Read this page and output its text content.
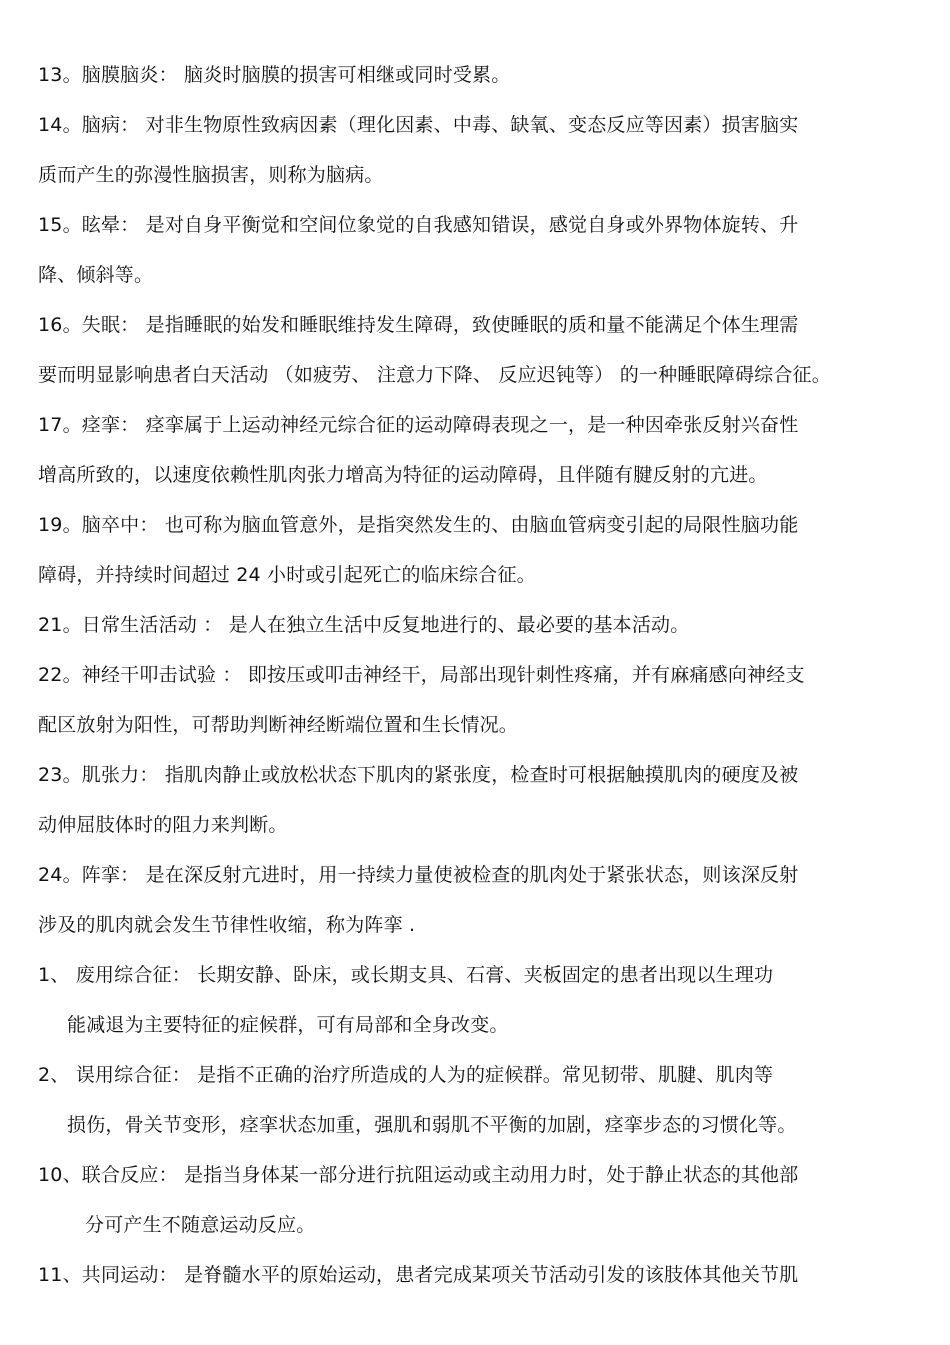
13。脑膜脑炎： 脑炎时脑膜的损害可相继或同时受累。
14。脑病： 对非生物原性致病因素（理化因素、中毒、缺氧、变态反应等因素）损害脑实
质而产生的弥漫性脑损害，则称为脑病。
15。眩晕： 是对自身平衡觉和空间位象觉的自我感知错误，感觉自身或外界物体旋转、升
降、倾斜等。
16。失眠： 是指睡眠的始发和睡眠维持发生障碍，致使睡眠的质和量不能满足个体生理需
要而明显影响患者白天活动 （如疲劳、 注意力下降、 反应迟钝等） 的一种睡眠障碍综合征。
17。痉挛： 痉挛属于上运动神经元综合征的运动障碍表现之一，是一种因牵张反射兴奋性
增高所致的，以速度依赖性肌肉张力增高为特征的运动障碍，且伴随有腱反射的亢进。
19。脑卒中： 也可称为脑血管意外，是指突然发生的、由脑血管病变引起的局限性脑功能
障碍，并持续时间超过 24 小时或引起死亡的临床综合征。
21。日常生活活动 ： 是人在独立生活中反复地进行的、最必要的基本活动。
22。神经干叩击试验 ： 即按压或叩击神经干，局部出现针刺性疼痛，并有麻痛感向神经支
配区放射为阳性，可帮助判断神经断端位置和生长情况。
23。肌张力： 指肌肉静止或放松状态下肌肉的紧张度，检查时可根据触摸肌肉的硬度及被
动伸屈肢体时的阻力来判断。
24。阵挛： 是在深反射亢进时，用一持续力量使被检查的肌肉处于紧张状态，则该深反射
涉及的肌肉就会发生节律性收缩，称为阵挛 .
1、 废用综合征： 长期安静、卧床，或长期支具、石膏、夹板固定的患者出现以生理功
能减退为主要特征的症候群，可有局部和全身改变。
2、 误用综合征： 是指不正确的治疗所造成的人为的症候群。常见韧带、肌腱、肌肉等
损伤，骨关节变形，痉挛状态加重，强肌和弱肌不平衡的加剧，痉挛步态的习惯化等。
10、联合反应： 是指当身体某一部分进行抗阻运动或主动用力时，处于静止状态的其他部
分可产生不随意运动反应。
11、共同运动： 是脊髓水平的原始运动，患者完成某项关节活动引发的该肢体其他关节肌
